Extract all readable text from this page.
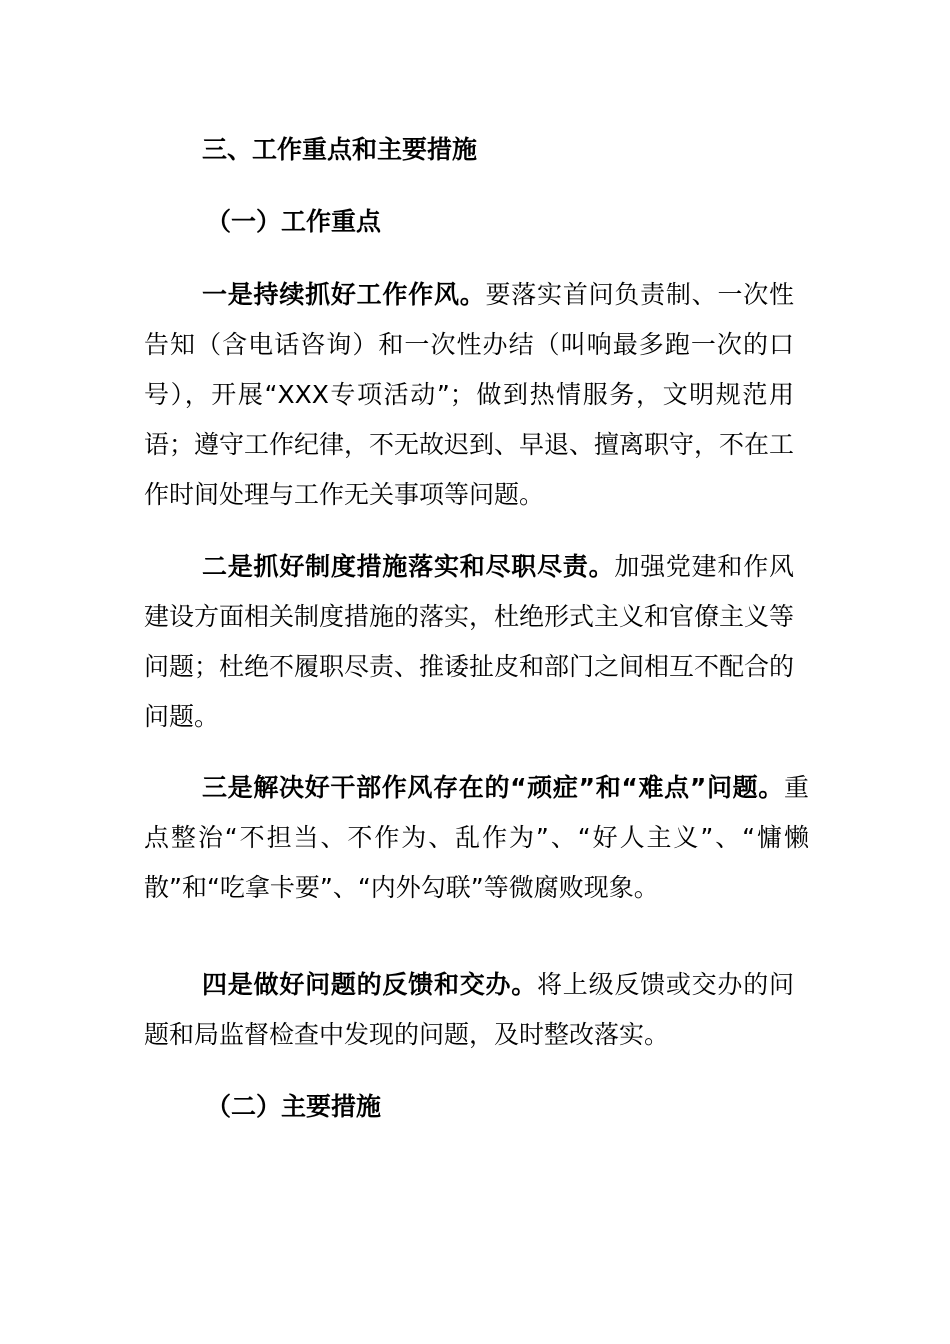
三、工作重点和主要措施
（一）工作重点

一是持续抓好工作作风。要落实首问负责制、一次性告知（含电话咨询）和一次性办结（叫响最多跑一次的口号），开展“XXX专项活动”；做到热情服务，文明规范用语；遵守工作纪律，不无故迟到、早退、擅离职守，不在工作时间处理与工作无关事项等问题。

二是抓好制度措施落实和尽职尽责。加强党建和作风建设方面相关制度措施的落实，杜绝形式主义和官僚主义等问题；杜绝不履职尽责、推诿扯皮和部门之间相互不配合的问题。

三是解决好干部作风存在的“顽症”和“难点”问题。重点整治“不担当、不作为、乱作为”、“好人主义”、“慵懒散”和“吃拿卡要”、“内外勾联”等微腐败现象。

四是做好问题的反馈和交办。将上级反馈或交办的问题和局监督检查中发现的问题，及时整改落实。

（二）主要措施
